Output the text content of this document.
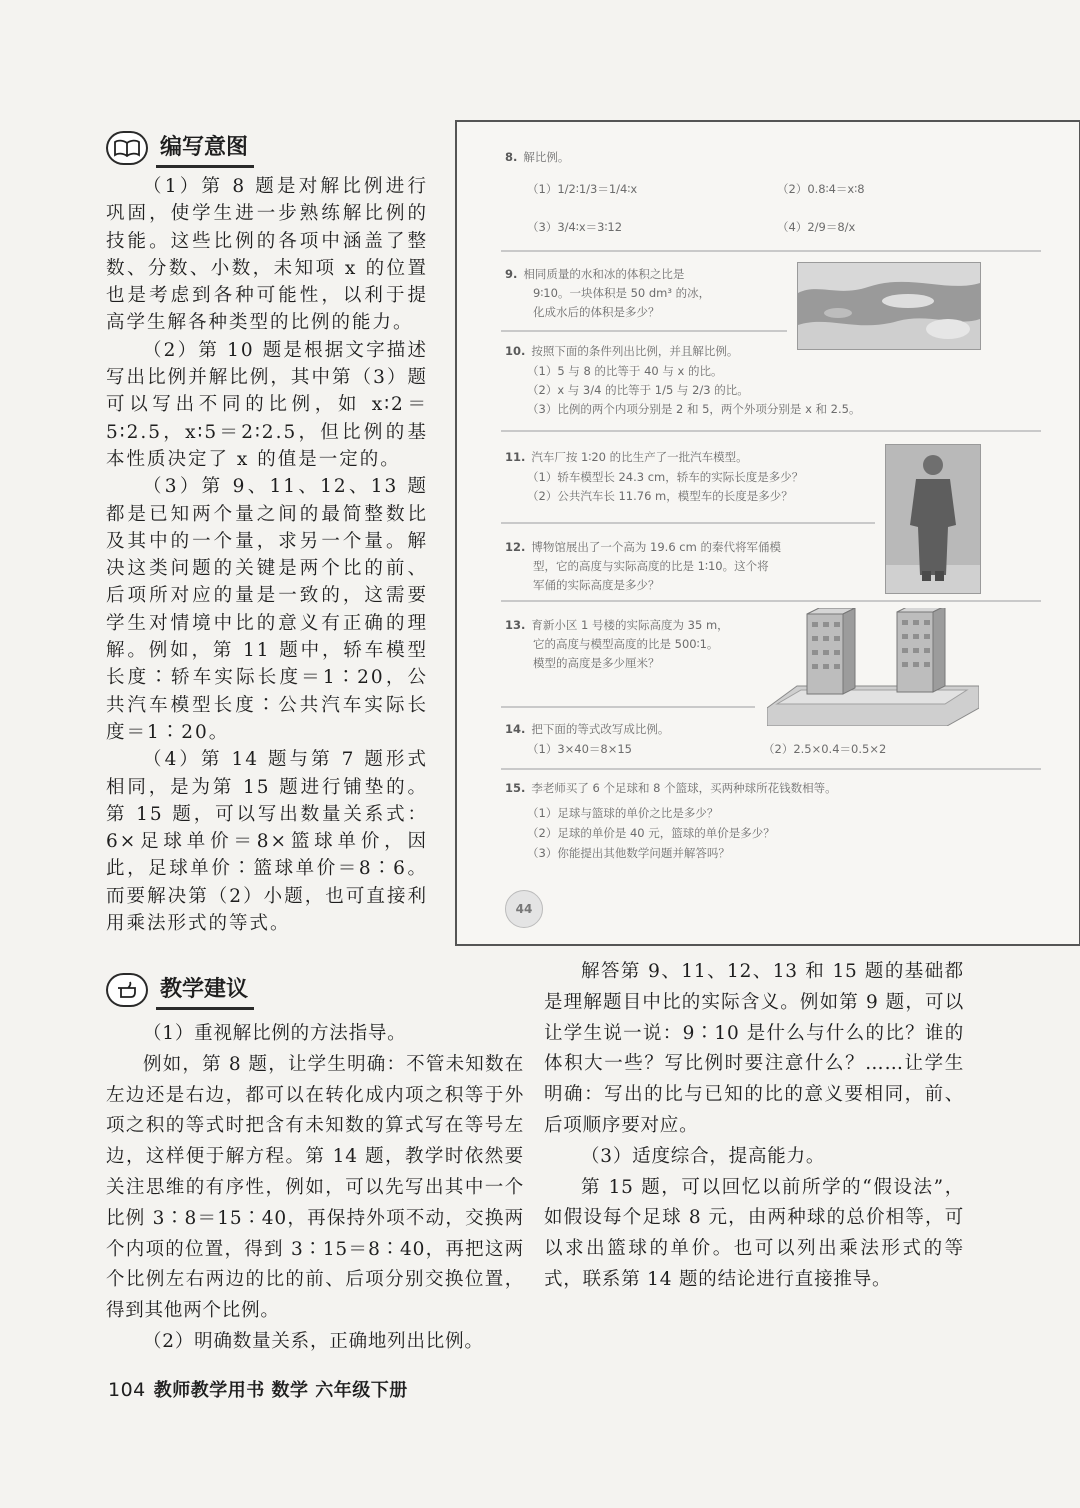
编写意图

（1）第 8 题是对解比例进行巩固，使学生进一步熟练解比例的技能。这些比例的各项中涵盖了整数、分数、小数，未知项 x 的位置也是考虑到各种可能性，以利于提高学生解各种类型的比例的能力。

（2）第 10 题是根据文字描述写出比例并解比例，其中第（3）题可以写出不同的比例，如 x∶2＝5∶2.5，x∶5＝2∶2.5，但比例的基本性质决定了 x 的值是一定的。

（3）第 9、11、12、13 题都是已知两个量之间的最简整数比及其中的一个量，求另一个量。解决这类问题的关键是两个比的前、后项所对应的量是一致的，这需要学生对情境中比的意义有正确的理解。例如，第 11 题中，轿车模型长度∶轿车实际长度＝1∶20，公共汽车模型长度∶公共汽车实际长度＝1∶20。

（4）第 14 题与第 7 题形式相同，是为第 15 题进行铺垫的。第 15 题，可以写出数量关系式：6×足球单价＝8×篮球单价，因此，足球单价∶篮球单价＝8∶6。而要解决第（2）小题，也可直接利用乘法形式的等式。

8. 解比例。
（1）1/2∶1/3＝1/4∶x	（2）0.8∶4＝x∶8
（3）3/4∶x＝3∶12	（4）2/9＝8/x
9. 相同质量的水和冰的体积之比是
9∶10。一块体积是 50 dm³ 的冰，
化成水后的体积是多少？
10. 按照下面的条件列出比例，并且解比例。
（1）5 与 8 的比等于 40 与 x 的比。
（2）x 与 3/4 的比等于 1/5 与 2/3 的比。
（3）比例的两个内项分别是 2 和 5，两个外项分别是 x 和 2.5。
11. 汽车厂按 1∶20 的比生产了一批汽车模型。
（1）轿车模型长 24.3 cm，轿车的实际长度是多少？
（2）公共汽车长 11.76 m，模型车的长度是多少？
12. 博物馆展出了一个高为 19.6 cm 的秦代将军俑模
型，它的高度与实际高度的比是 1∶10。这个将
军俑的实际高度是多少？
13. 育新小区 1 号楼的实际高度为 35 m，
它的高度与模型高度的比是 500∶1。
模型的高度是多少厘米？
14. 把下面的等式改写成比例。
（1）3×40＝8×15	（2）2.5×0.4＝0.5×2
15. 李老师买了 6 个足球和 8 个篮球，买两种球所花钱数相等。
（1）足球与篮球的单价之比是多少？
（2）足球的单价是 40 元，篮球的单价是多少？
（3）你能提出其他数学问题并解答吗？
44
教学建议

（1）重视解比例的方法指导。

例如，第 8 题，让学生明确：不管未知数在左边还是右边，都可以在转化成内项之积等于外项之积的等式时把含有未知数的算式写在等号左边，这样便于解方程。第 14 题，教学时依然要关注思维的有序性，例如，可以先写出其中一个比例 3∶8＝15∶40，再保持外项不动，交换两个内项的位置，得到 3∶15＝8∶40，再把这两个比例左右两边的比的前、后项分别交换位置，得到其他两个比例。

（2）明确数量关系，正确地列出比例。

解答第 9、11、12、13 和 15 题的基础都是理解题目中比的实际含义。例如第 9 题，可以让学生说一说：9∶10 是什么与什么的比？谁的体积大一些？写比例时要注意什么？……让学生明确：写出的比与已知的比的意义要相同，前、后项顺序要对应。

（3）适度综合，提高能力。

第 15 题，可以回忆以前所学的“假设法”，如假设每个足球 8 元，由两种球的总价相等，可以求出篮球的单价。也可以列出乘法形式的等式，联系第 14 题的结论进行直接推导。

104 教师教学用书 数学 六年级下册
